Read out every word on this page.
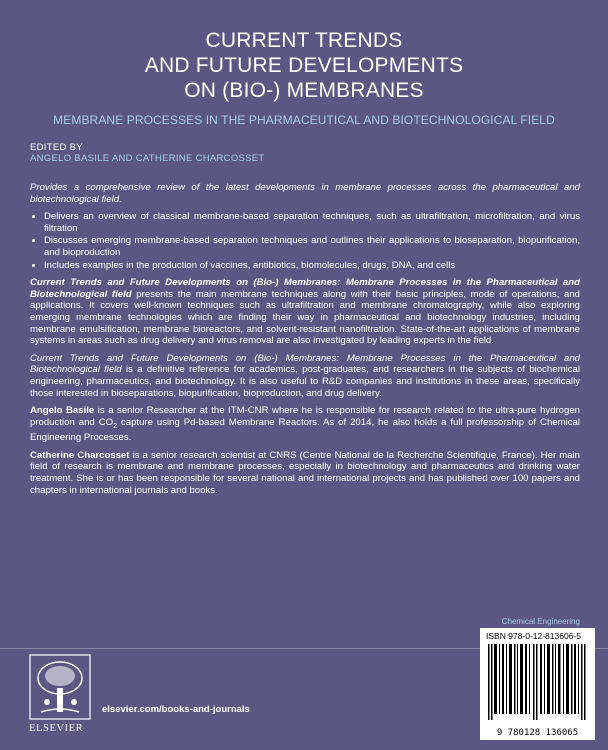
CURRENT TRENDS
AND FUTURE DEVELOPMENTS
ON (BIO-) MEMBRANES
MEMBRANE PROCESSES IN THE PHARMACEUTICAL AND BIOTECHNOLOGICAL FIELD
EDITED BY
ANGELO BASILE AND CATHERINE CHARCOSSET

Provides a comprehensive review of the latest developments in membrane processes across the pharmaceutical and biotechnological field.

• Delivers an overview of classical membrane-based separation techniques, such as ultrafiltration, microfiltration, and virus filtration
• Discusses emerging membrane-based separation techniques and outlines their applications to bioseparation, biopurification, and bioproduction
• Includes examples in the production of vaccines, antibiotics, biomolecules, drugs, DNA, and cells

Current Trends and Future Developments on (Bio-) Membranes: Membrane Processes in the Pharmaceutical and Biotechnological field presents the main membrane techniques along with their basic principles, mode of operations, and applications. It covers well-known techniques such as ultrafiltration and membrane chromatography, while also exploring emerging membrane technologies which are finding their way in pharmaceutical and biotechnology industries, including membrane emulsification, membrane bioreactors, and solvent-resistant nanofiltration. State-of-the-art applications of membrane systems in areas such as drug delivery and virus removal are also investigated by leading experts in the field.

Current Trends and Future Developments on (Bio-) Membranes: Membrane Processes in the Pharmaceutical and Biotechnological field is a definitive reference for academics, post-graduates, and researchers in the subjects of biochemical engineering, pharmaceutics, and biotechnology. It is also useful to R&D companies and institutions in these areas, specifically those interested in bioseparations, biopurification, bioproduction, and drug delivery.

Angelo Basile is a senior Researcher at the ITM-CNR where he is responsible for research related to the ultra-pure hydrogen production and $CO_2$ capture using Pd-based Membrane Reactors. As of 2014, he also holds a full professorship of Chemical Engineering Processes.

Catherine Charcosset is a senior research scientist at CNRS (Centre National de la Recherche Scientifique, France). Her main field of research is membrane and membrane processes, especially in biotechnology and pharmaceutics and drinking water treatment. She is or has been responsible for several national and international projects and has published over 100 papers and chapters in international journals and books.

Chemical Engineering
ELSEVIER
elsevier.com/books-and-journals
ISBN 978-0-12-813606-5
9 780128 136065
